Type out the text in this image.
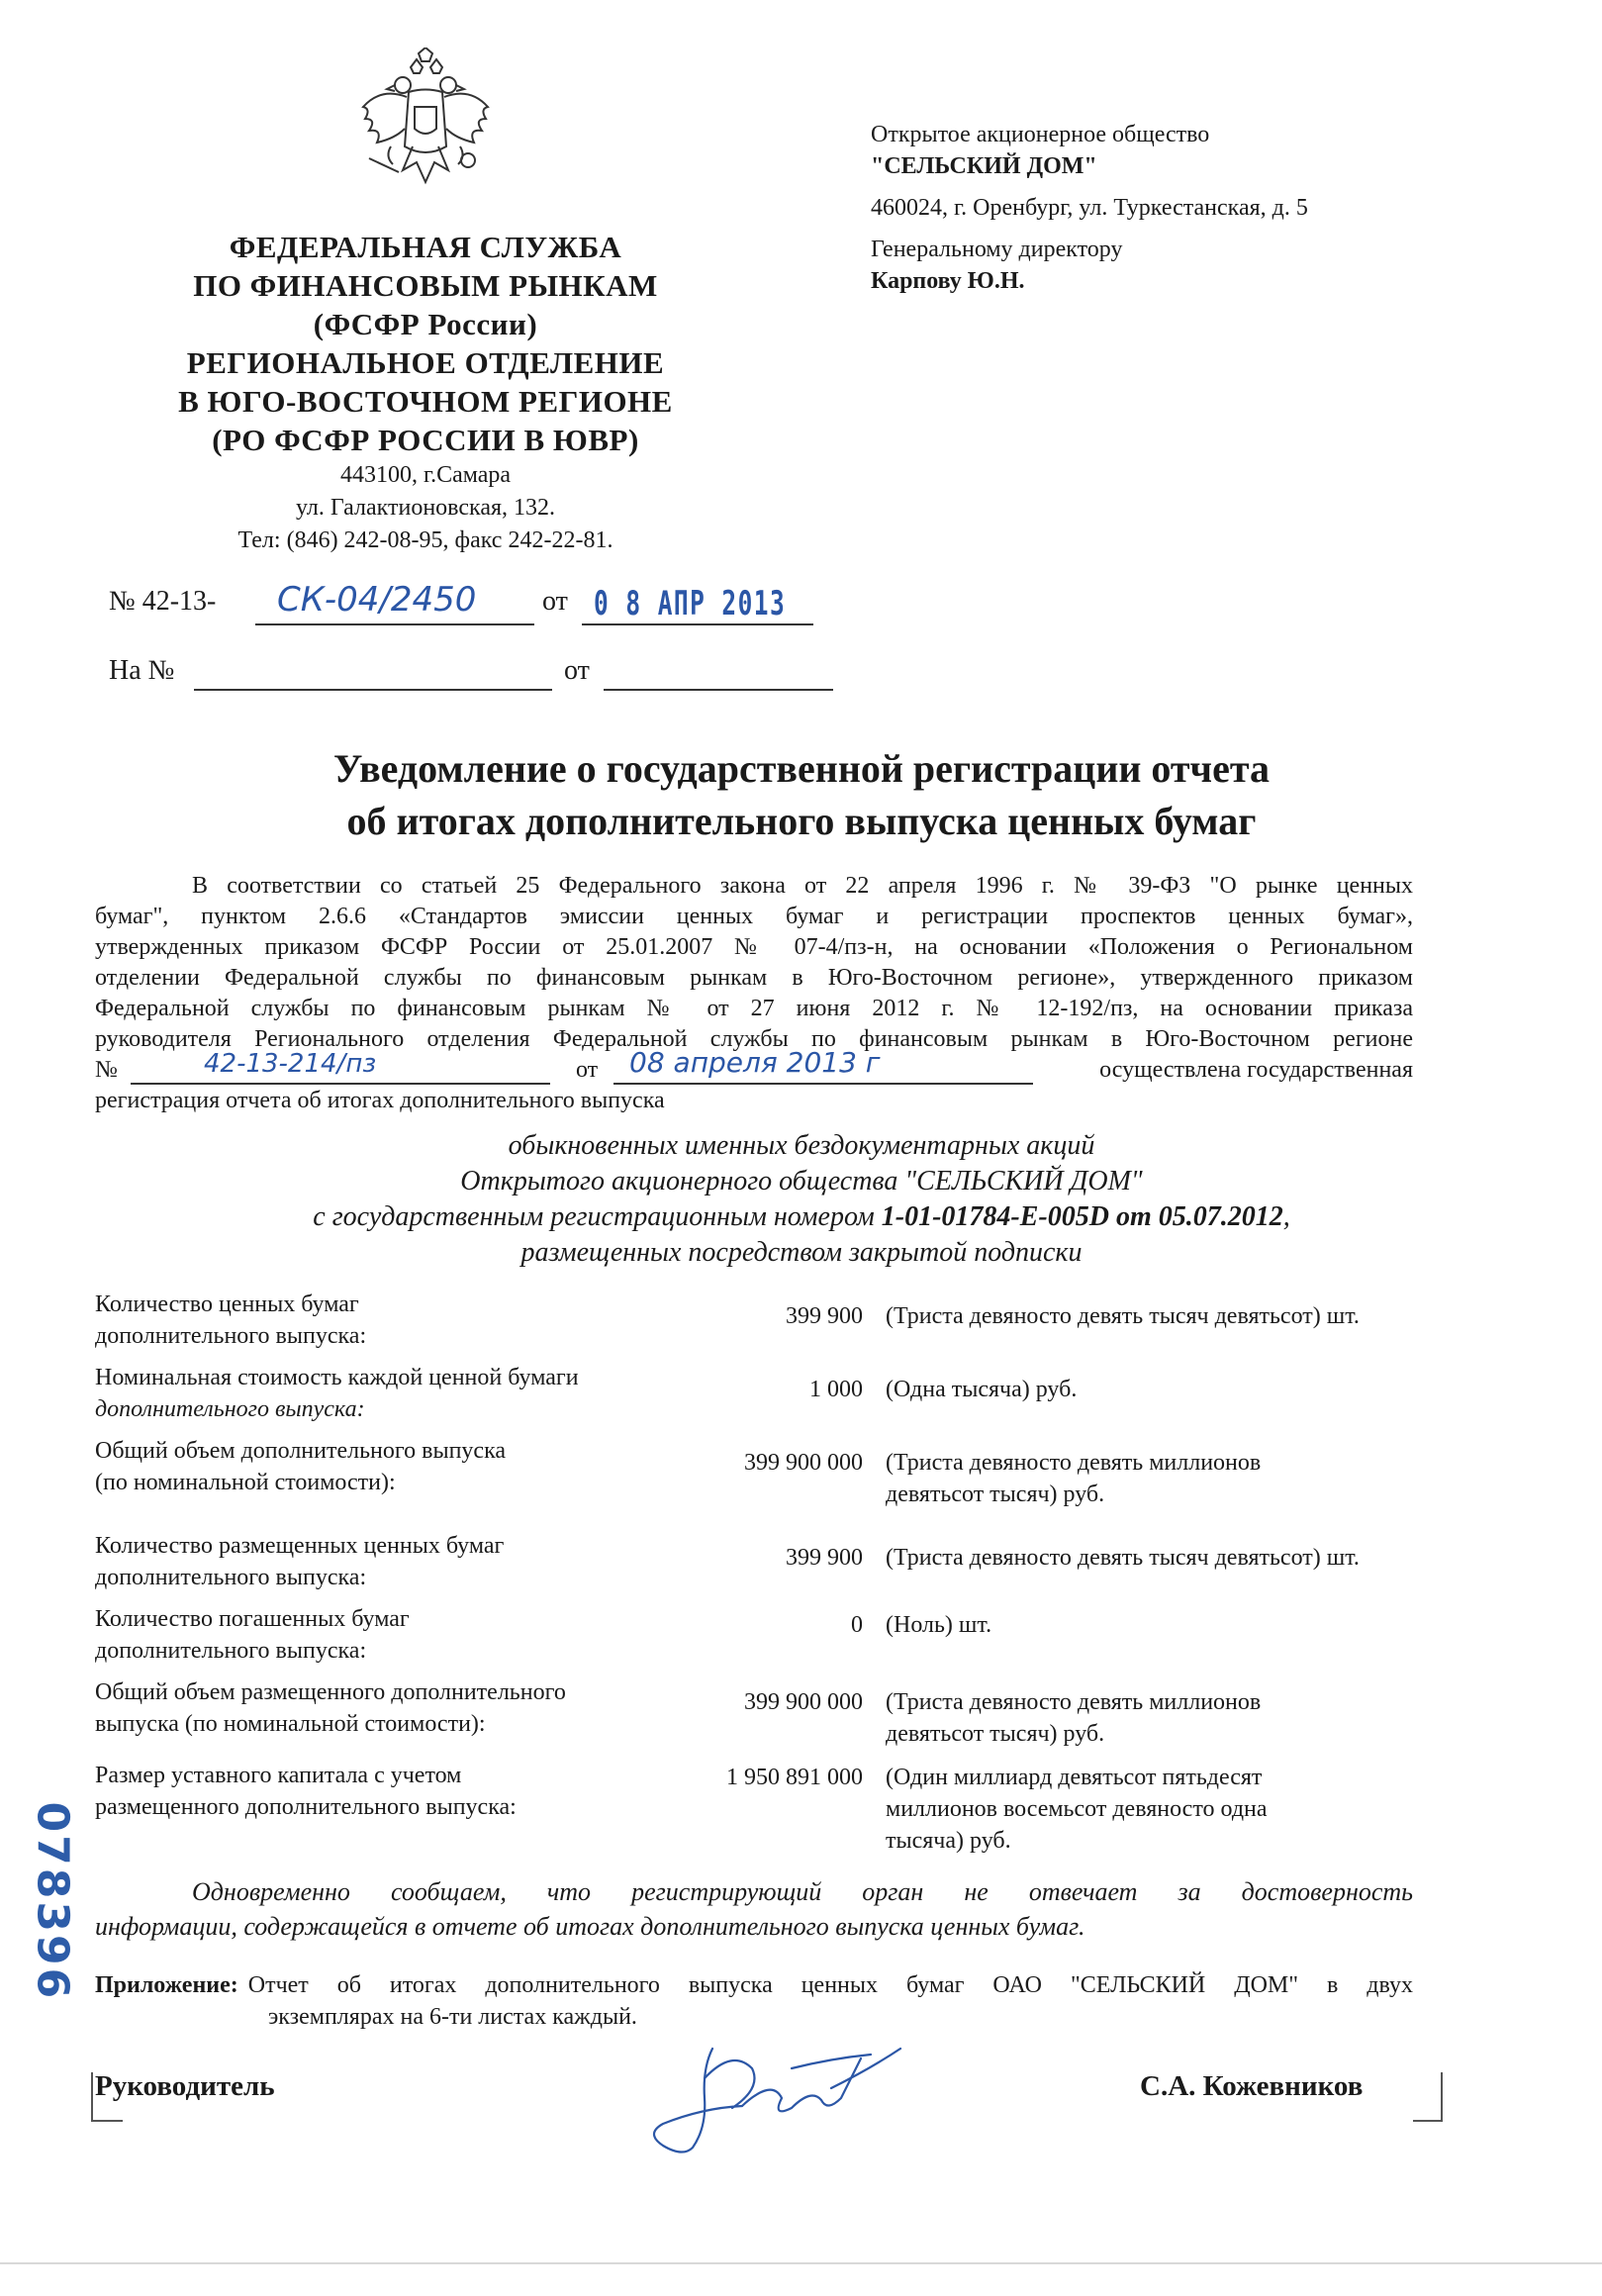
ФЕДЕРАЛЬНАЯ СЛУЖБА
ПО ФИНАНСОВЫМ РЫНКАМ
(ФСФР России)
РЕГИОНАЛЬНОЕ ОТДЕЛЕНИЕ
В ЮГО-ВОСТОЧНОМ РЕГИОНЕ
(РО ФСФР РОССИИ В ЮВР)
443100, г.Самара
ул. Галактионовская, 132.
Тел: (846) 242-08-95, факс 242-22-81.
Открытое акционерное общество
"СЕЛЬСКИЙ ДОМ"
460024, г. Оренбург, ул. Туркестанская, д. 5
Генеральному директору
Карпову Ю.Н.
№ 42-13- СК-04/2450 от 0 8 АПР 2013
На №	от
Уведомление о государственной регистрации отчета
об итогах дополнительного выпуска ценных бумаг
В соответствии со статьей 25 Федерального закона от 22 апреля 1996 г. № 39-ФЗ "О рынке ценных
бумаг", пунктом 2.6.6 «Стандартов эмиссии ценных бумаг и регистрации проспектов ценных бумаг»,
утвержденных приказом ФСФР России от 25.01.2007 № 07-4/пз-н, на основании «Положения о Региональном
отделении Федеральной службы по финансовым рынкам в Юго-Восточном регионе», утвержденного приказом
Федеральной службы по финансовым рынкам № от 27 июня 2012 г. № 12-192/пз, на основании приказа
руководителя Регионального отделения Федеральной службы по финансовым рынкам в Юго-Восточном регионе
№	42-13-214/пз	от 08 апреля 2013 г	осуществлена государственная
регистрация отчета об итогах дополнительного выпуска
обыкновенных именных бездокументарных акций
Открытого акционерного общества "СЕЛЬСКИЙ ДОМ"
с государственным регистрационным номером 1-01-01784-Е-005D от 05.07.2012,
размещенных посредством закрытой подписки
Количество ценных бумаг
дополнительного выпуска:
399 900 (Триста девяносто девять тысяч девятьсот) шт.
Номинальная стоимость каждой ценной бумаги
дополнительного выпуска:
1 000 (Одна тысяча) руб.
Общий объем дополнительного выпуска
(по номинальной стоимости):
399 900 000 (Триста девяносто девять миллионов
девятьсот тысяч) руб.
Количество размещенных ценных бумаг
дополнительного выпуска:
399 900 (Триста девяносто девять тысяч девятьсот) шт.
Количество погашенных бумаг
дополнительного выпуска:
0 (Ноль) шт.
Общий объем размещенного дополнительного
выпуска (по номинальной стоимости):
399 900 000 (Триста девяносто девять миллионов
девятьсот тысяч) руб.
Размер уставного капитала с учетом
размещенного дополнительного выпуска:
1 950 891 000 (Один миллиард девятьсот пятьдесят
миллионов восемьсот девяносто одна
тысяча) руб.
Одновременно сообщаем, что регистрирующий орган не отвечает за достоверность
информации, содержащейся в отчете об итогах дополнительного выпуска ценных бумаг.
Приложение: Отчет об итогах дополнительного выпуска ценных бумаг ОАО "СЕЛЬСКИЙ ДОМ" в двух
экземплярах на 6-ти листах каждый.
Руководитель	С.А. Кожевников
078396
